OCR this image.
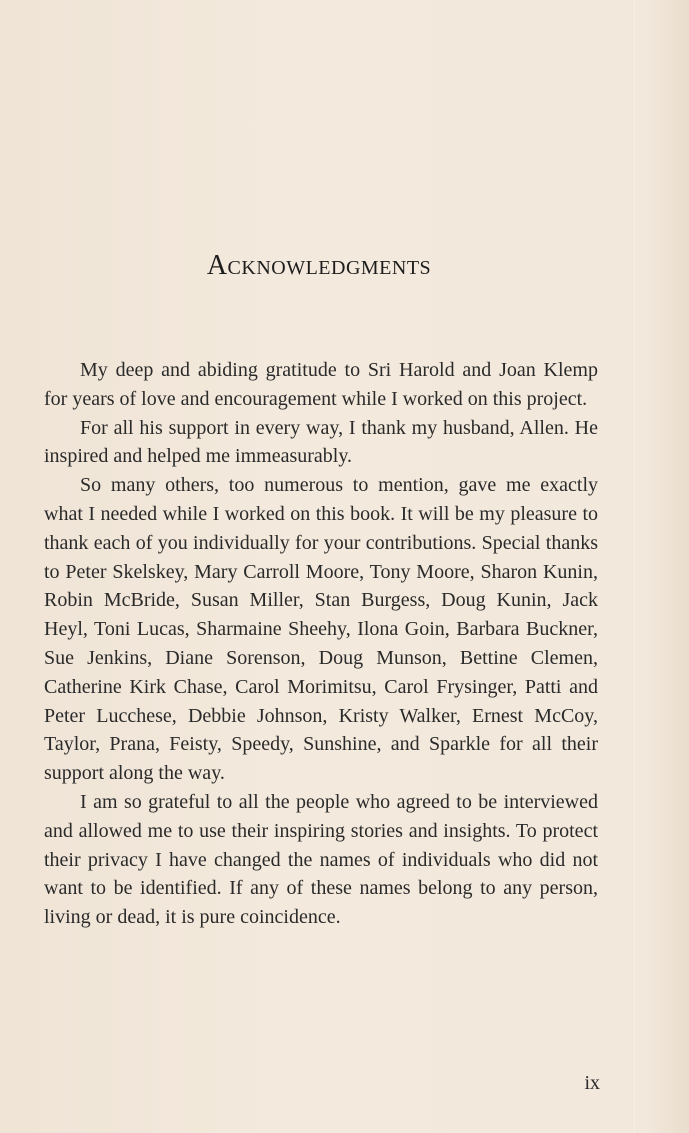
Acknowledgments

My deep and abiding gratitude to Sri Harold and Joan Klemp for years of love and encouragement while I worked on this project.

For all his support in every way, I thank my husband, Allen. He inspired and helped me immeasurably.

So many others, too numerous to mention, gave me exactly what I needed while I worked on this book. It will be my pleasure to thank each of you individually for your contributions. Special thanks to Peter Skelskey, Mary Carroll Moore, Tony Moore, Sharon Kunin, Robin McBride, Susan Miller, Stan Burgess, Doug Kunin, Jack Heyl, Toni Lucas, Sharmaine Sheehy, Ilona Goin, Barbara Buckner, Sue Jenkins, Diane Sorenson, Doug Munson, Bettine Clemen, Catherine Kirk Chase, Carol Morimitsu, Carol Frysinger, Patti and Peter Lucchese, Debbie Johnson, Kristy Walker, Ernest McCoy, Taylor, Prana, Feisty, Speedy, Sunshine, and Sparkle for all their support along the way.

I am so grateful to all the people who agreed to be interviewed and allowed me to use their inspiring stories and insights. To protect their privacy I have changed the names of individuals who did not want to be identified. If any of these names belong to any person, living or dead, it is pure coincidence.

ix
